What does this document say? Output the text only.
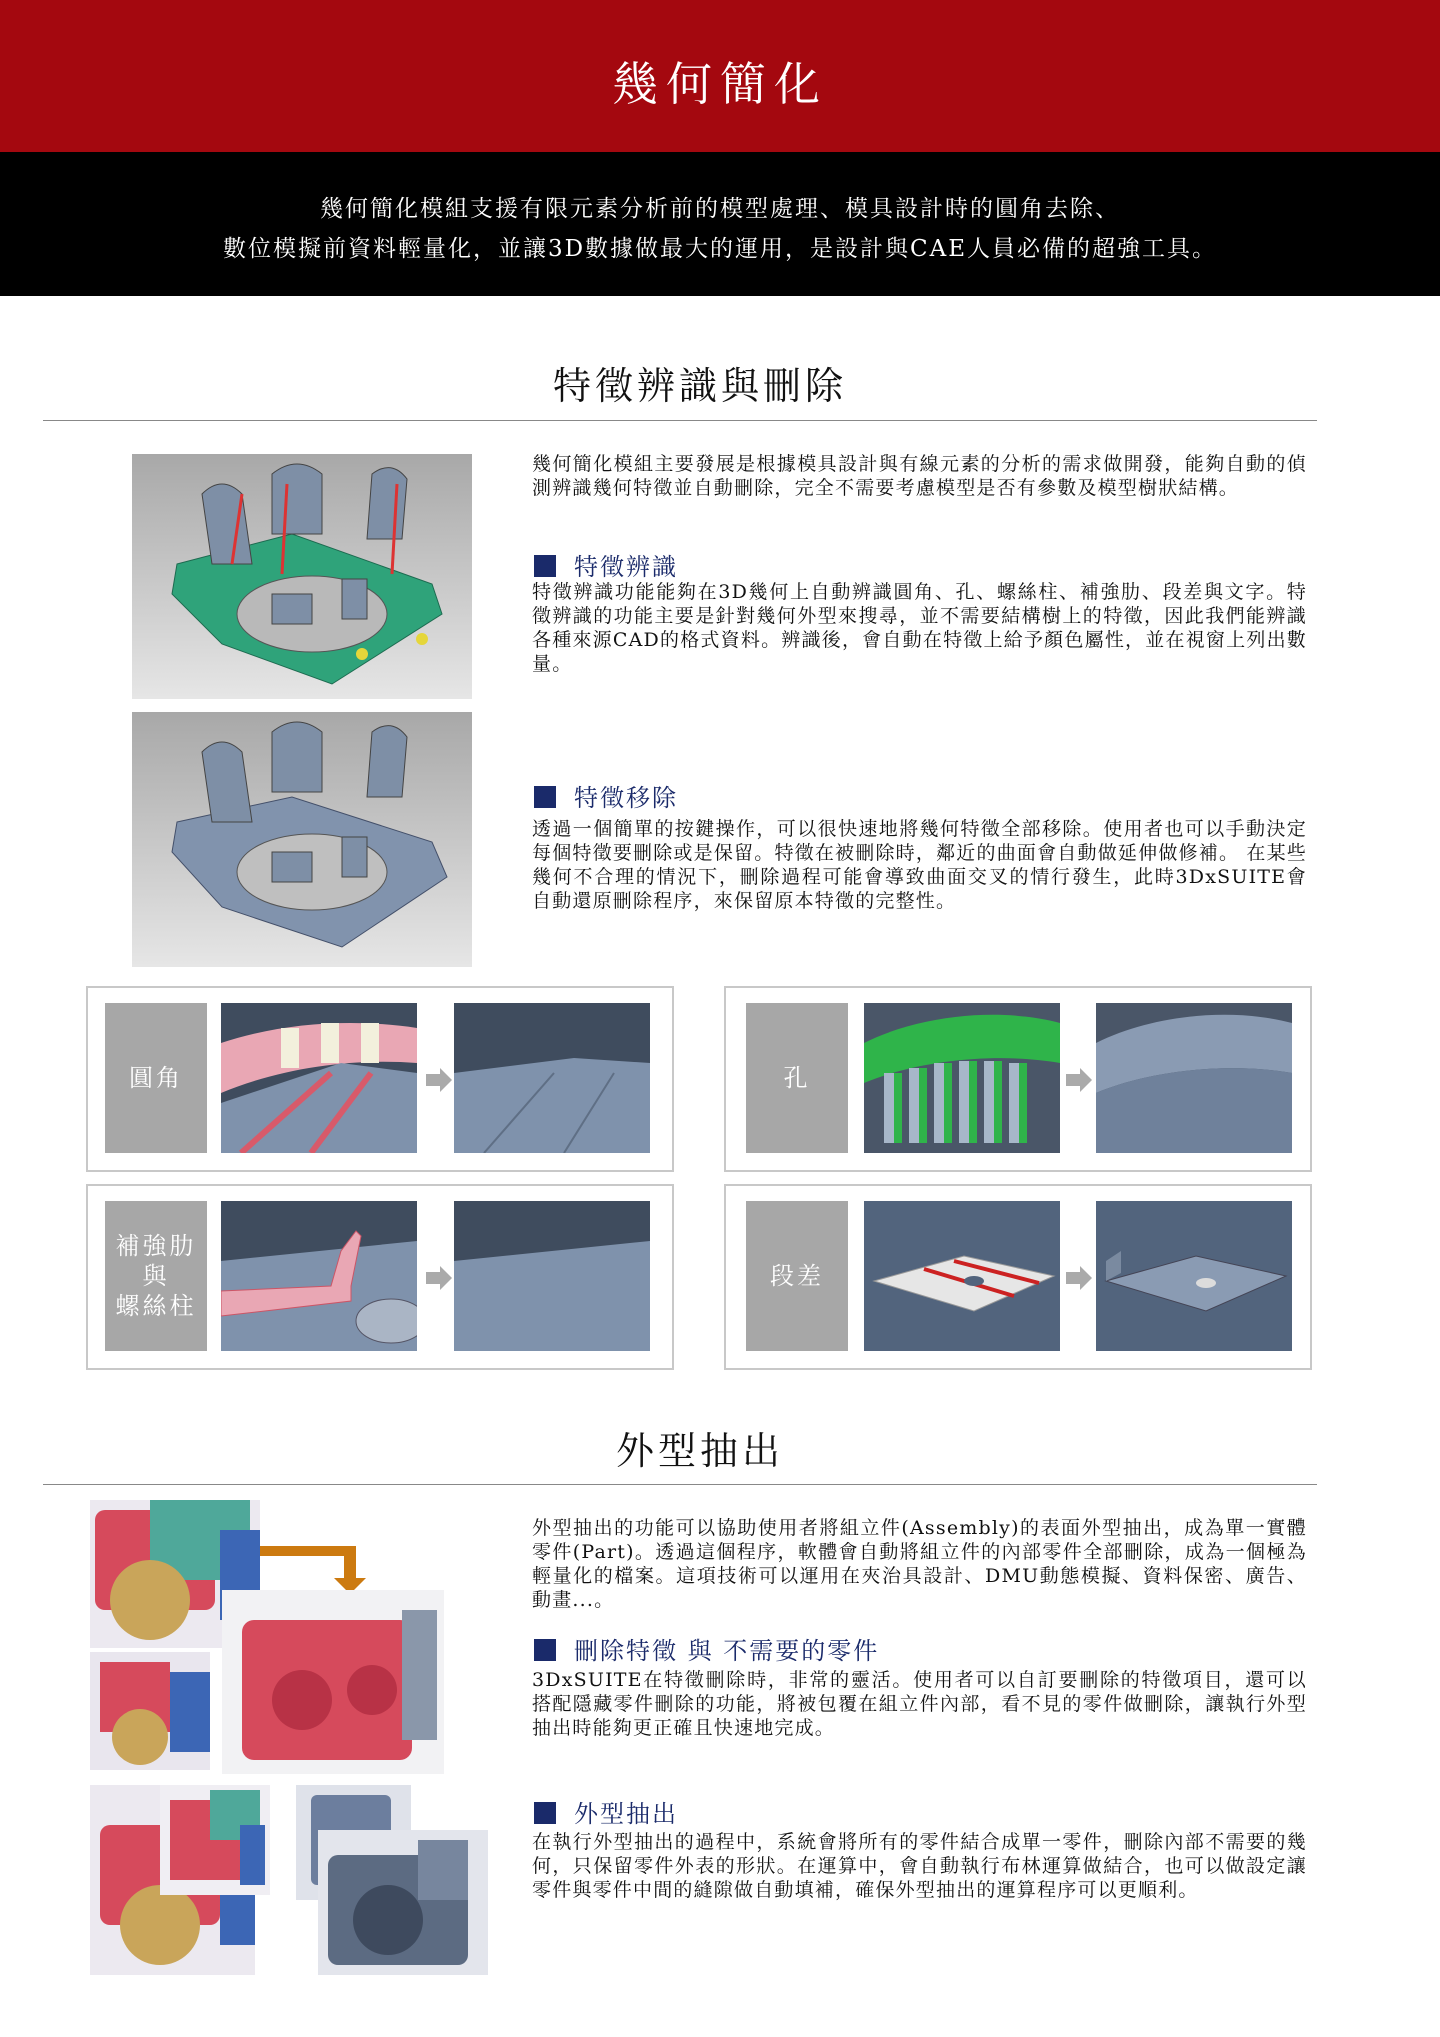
幾何簡化
幾何簡化模組支援有限元素分析前的模型處理、模具設計時的圓角去除、
數位模擬前資料輕量化，並讓3D數據做最大的運用，是設計與CAE人員必備的超強工具。
特徵辨識與刪除
幾何簡化模組主要發展是根據模具設計與有線元素的分析的需求做開發，能夠自動的偵測辨識幾何特徵並自動刪除，完全不需要考慮模型是否有參數及模型樹狀結構。
特徵辨識
特徵辨識功能能夠在3D幾何上自動辨識圓角、孔、螺絲柱、補強肋、段差與文字。特徵辨識的功能主要是針對幾何外型來搜尋，並不需要結構樹上的特徵，因此我們能辨識各種來源CAD的格式資料。辨識後，會自動在特徵上給予顏色屬性，並在視窗上列出數量。
特徵移除
透過一個簡單的按鍵操作，可以很快速地將幾何特徵全部移除。使用者也可以手動決定每個特徵要刪除或是保留。特徵在被刪除時，鄰近的曲面會自動做延伸做修補。 在某些幾何不合理的情況下，刪除過程可能會導致曲面交叉的情行發生，此時3DxSUITE會自動還原刪除程序，來保留原本特徵的完整性。
圓角	孔
補強肋
與
螺絲柱
段差
外型抽出
外型抽出的功能可以協助使用者將組立件(Assembly)的表面外型抽出，成為單一實體零件(Part)。透過這個程序，軟體會自動將組立件的內部零件全部刪除，成為一個極為輕量化的檔案。這項技術可以運用在夾治具設計、DMU動態模擬、資料保密、廣告、動畫...。
刪除特徵 與 不需要的零件
3DxSUITE在特徵刪除時，非常的靈活。使用者可以自訂要刪除的特徵項目，還可以搭配隱藏零件刪除的功能，將被包覆在組立件內部，看不見的零件做刪除，讓執行外型抽出時能夠更正確且快速地完成。
外型抽出
在執行外型抽出的過程中，系統會將所有的零件結合成單一零件，刪除內部不需要的幾何，只保留零件外表的形狀。在運算中，會自動執行布林運算做結合，也可以做設定讓零件與零件中間的縫隙做自動填補，確保外型抽出的運算程序可以更順利。
